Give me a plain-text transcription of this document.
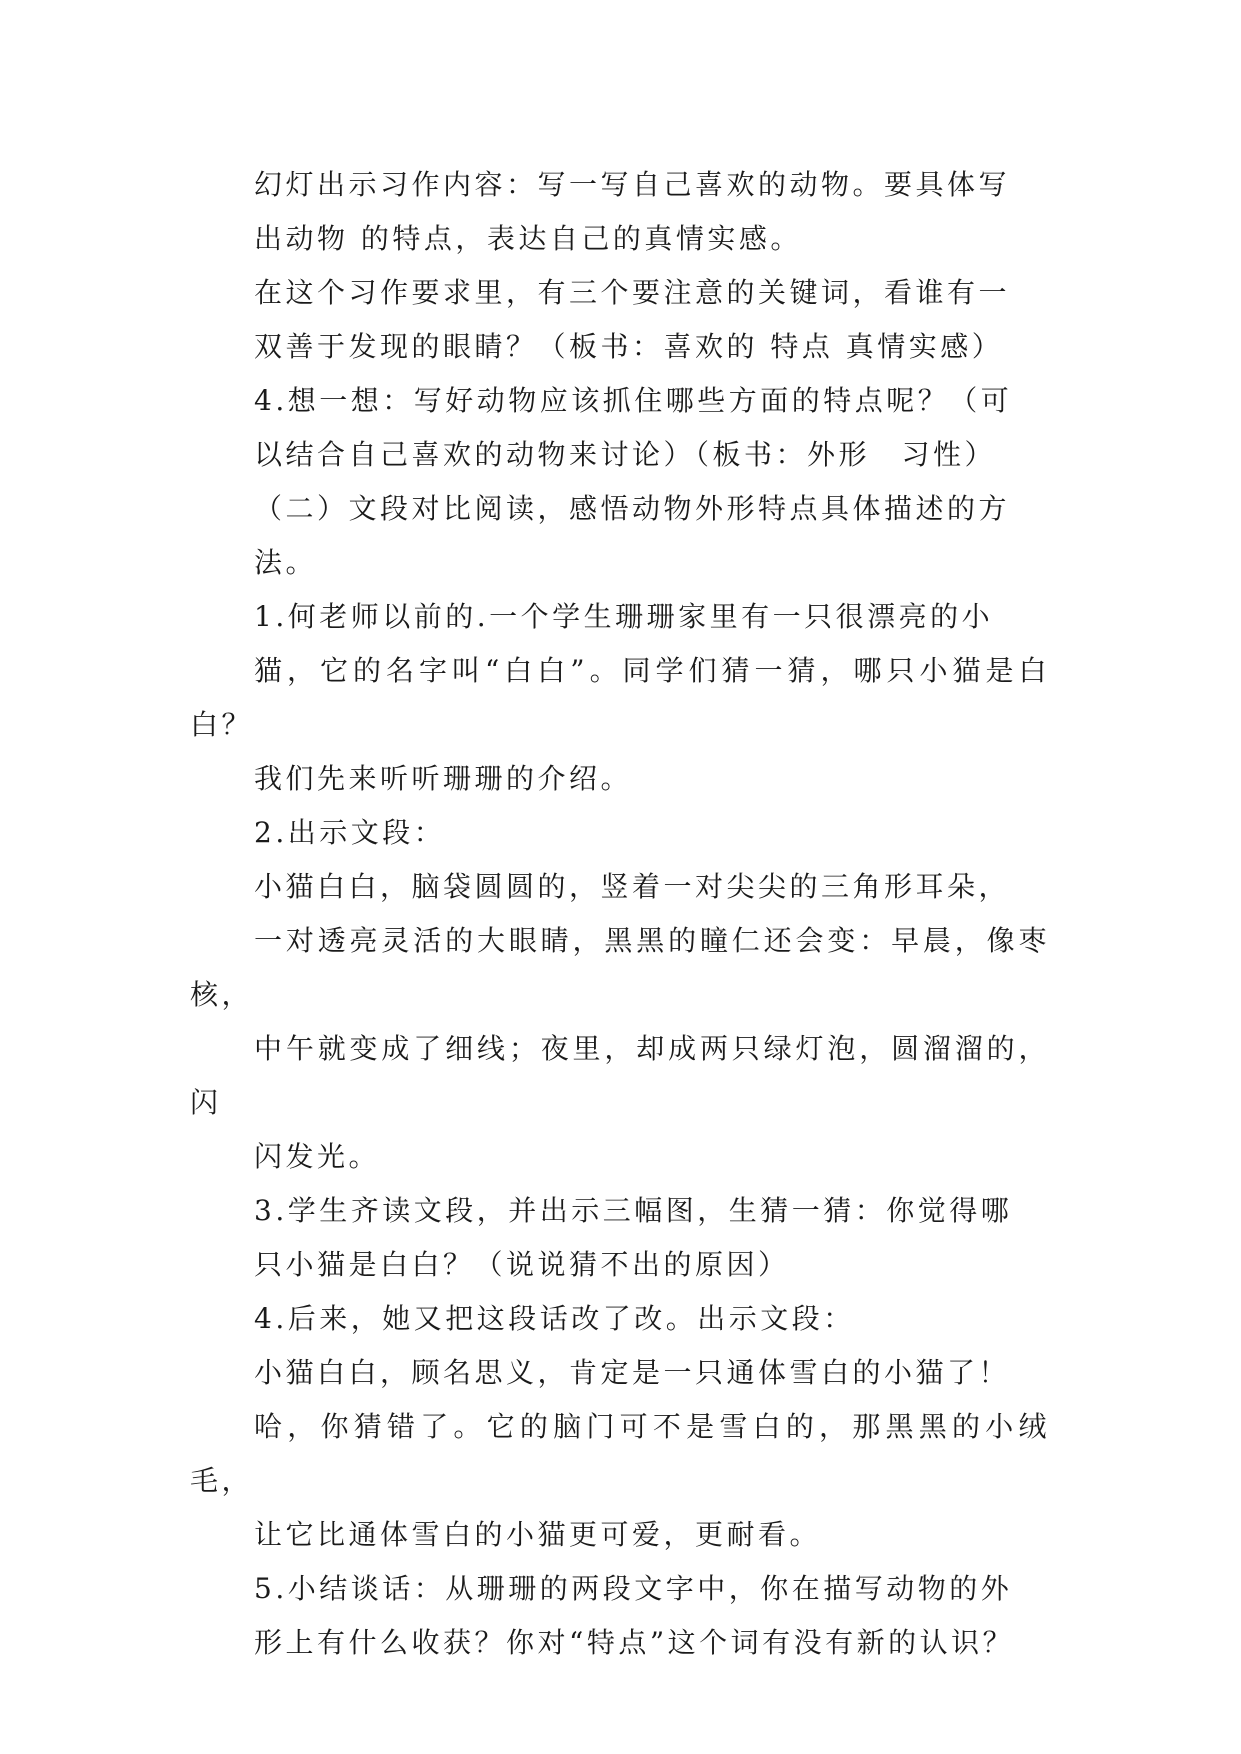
幻灯出示习作内容：写一写自己喜欢的动物。要具体写
出动物 的特点，表达自己的真情实感。

在这个习作要求里，有三个要注意的关键词，看谁有一
双善于发现的眼睛？（板书：喜欢的 特点 真情实感）

4.想一想：写好动物应该抓住哪些方面的特点呢？（可
以结合自己喜欢的动物来讨论）（板书：外形　习性）

（二）文段对比阅读，感悟动物外形特点具体描述的方
法。

1.何老师以前的.一个学生珊珊家里有一只很漂亮的小
猫，它的名字叫“白白”。同学们猜一猜，哪只小猫是白白？
我们先来听听珊珊的介绍。

2.出示文段：

小猫白白，脑袋圆圆的，竖着一对尖尖的三角形耳朵，
一对透亮灵活的大眼睛，黑黑的瞳仁还会变：早晨，像枣核，
中午就变成了细线；夜里，却成两只绿灯泡，圆溜溜的，闪
闪发光。

3.学生齐读文段，并出示三幅图，生猜一猜：你觉得哪
只小猫是白白？（说说猜不出的原因）

4.后来，她又把这段话改了改。出示文段：

小猫白白，顾名思义，肯定是一只通体雪白的小猫了！
哈，你猜错了。它的脑门可不是雪白的，那黑黑的小绒毛，
让它比通体雪白的小猫更可爱，更耐看。

5.小结谈话：从珊珊的两段文字中，你在描写动物的外
形上有什么收获？你对“特点”这个词有没有新的认识？
